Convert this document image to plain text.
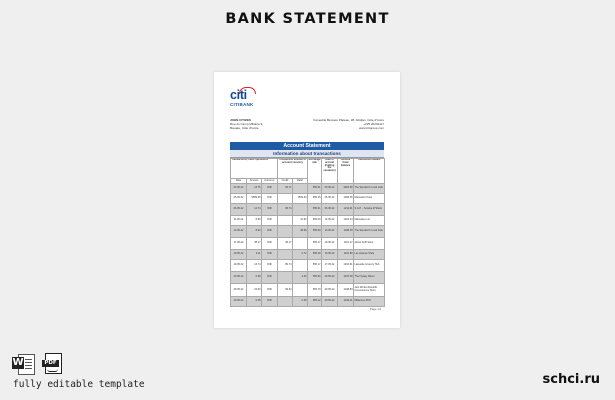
BANK STATEMENT
citi
CITIBANK
JOHN CITIZEN
Rue du Camp Militaire 9,
Bouake, Côte d'Ivoire
Immeuble Bémaco Plateau, 28, Abidjan, Côte d'Ivoire
+225 20204117
www.citigroup.com
Account Statement
Information about transactions
Transactions, other operations			Transaction amount in account currency		Exchange rate	Date of accrual (making the operation)	Amount Final balance	Transaction details
Date	Amount	Currency	Credit	Debit				
04.05.22	13.75	XOF	93.71		655.31	05.05.22	4463.58	The Sandwich Local Cafe
05.05.22	9589.56	XOF		1509.30	655.15	06.05.22	1308.56	Mamadou Kone
06.05.22	14.74	XOF	96.74		655.01	06.05.22	1211.91	S.G.P. - Société d'Hôtels
11.05.22	8.80	XOF		41.92	656.00	12.05.22	1223.24	Mamadou Lot
13.05.22	8.63	XOF		48.96	655.00	13.05.22	1198.39	The Sandwich Local Cafe
17.05.22	38.17	XOF	38.17		655.17	18.05.22	1110.17	Akissi Koffi Store
19.05.22	0.11	XOF		0.72	655.18	19.05.22	1110.89	Les Ananas Shop
19.05.22	13.74	XOF	89.74		655.17	17.05.22	1043.91	Lakeside Grocery Hub
20.05.22	0.66	XOF		4.36	655.60	20.05.22	1047.48	The Flyway Room
28.05.22	15.63	XOF	99.32		656.79	29.05.22	1248.83	Just Drinks Republic Convenience Store
29.05.22	0.05	XOF		0.38	655.12	29.05.22	1249.21	Millenium ATM
Page 1/1
W	PDF
fully editable template	schci.ru
